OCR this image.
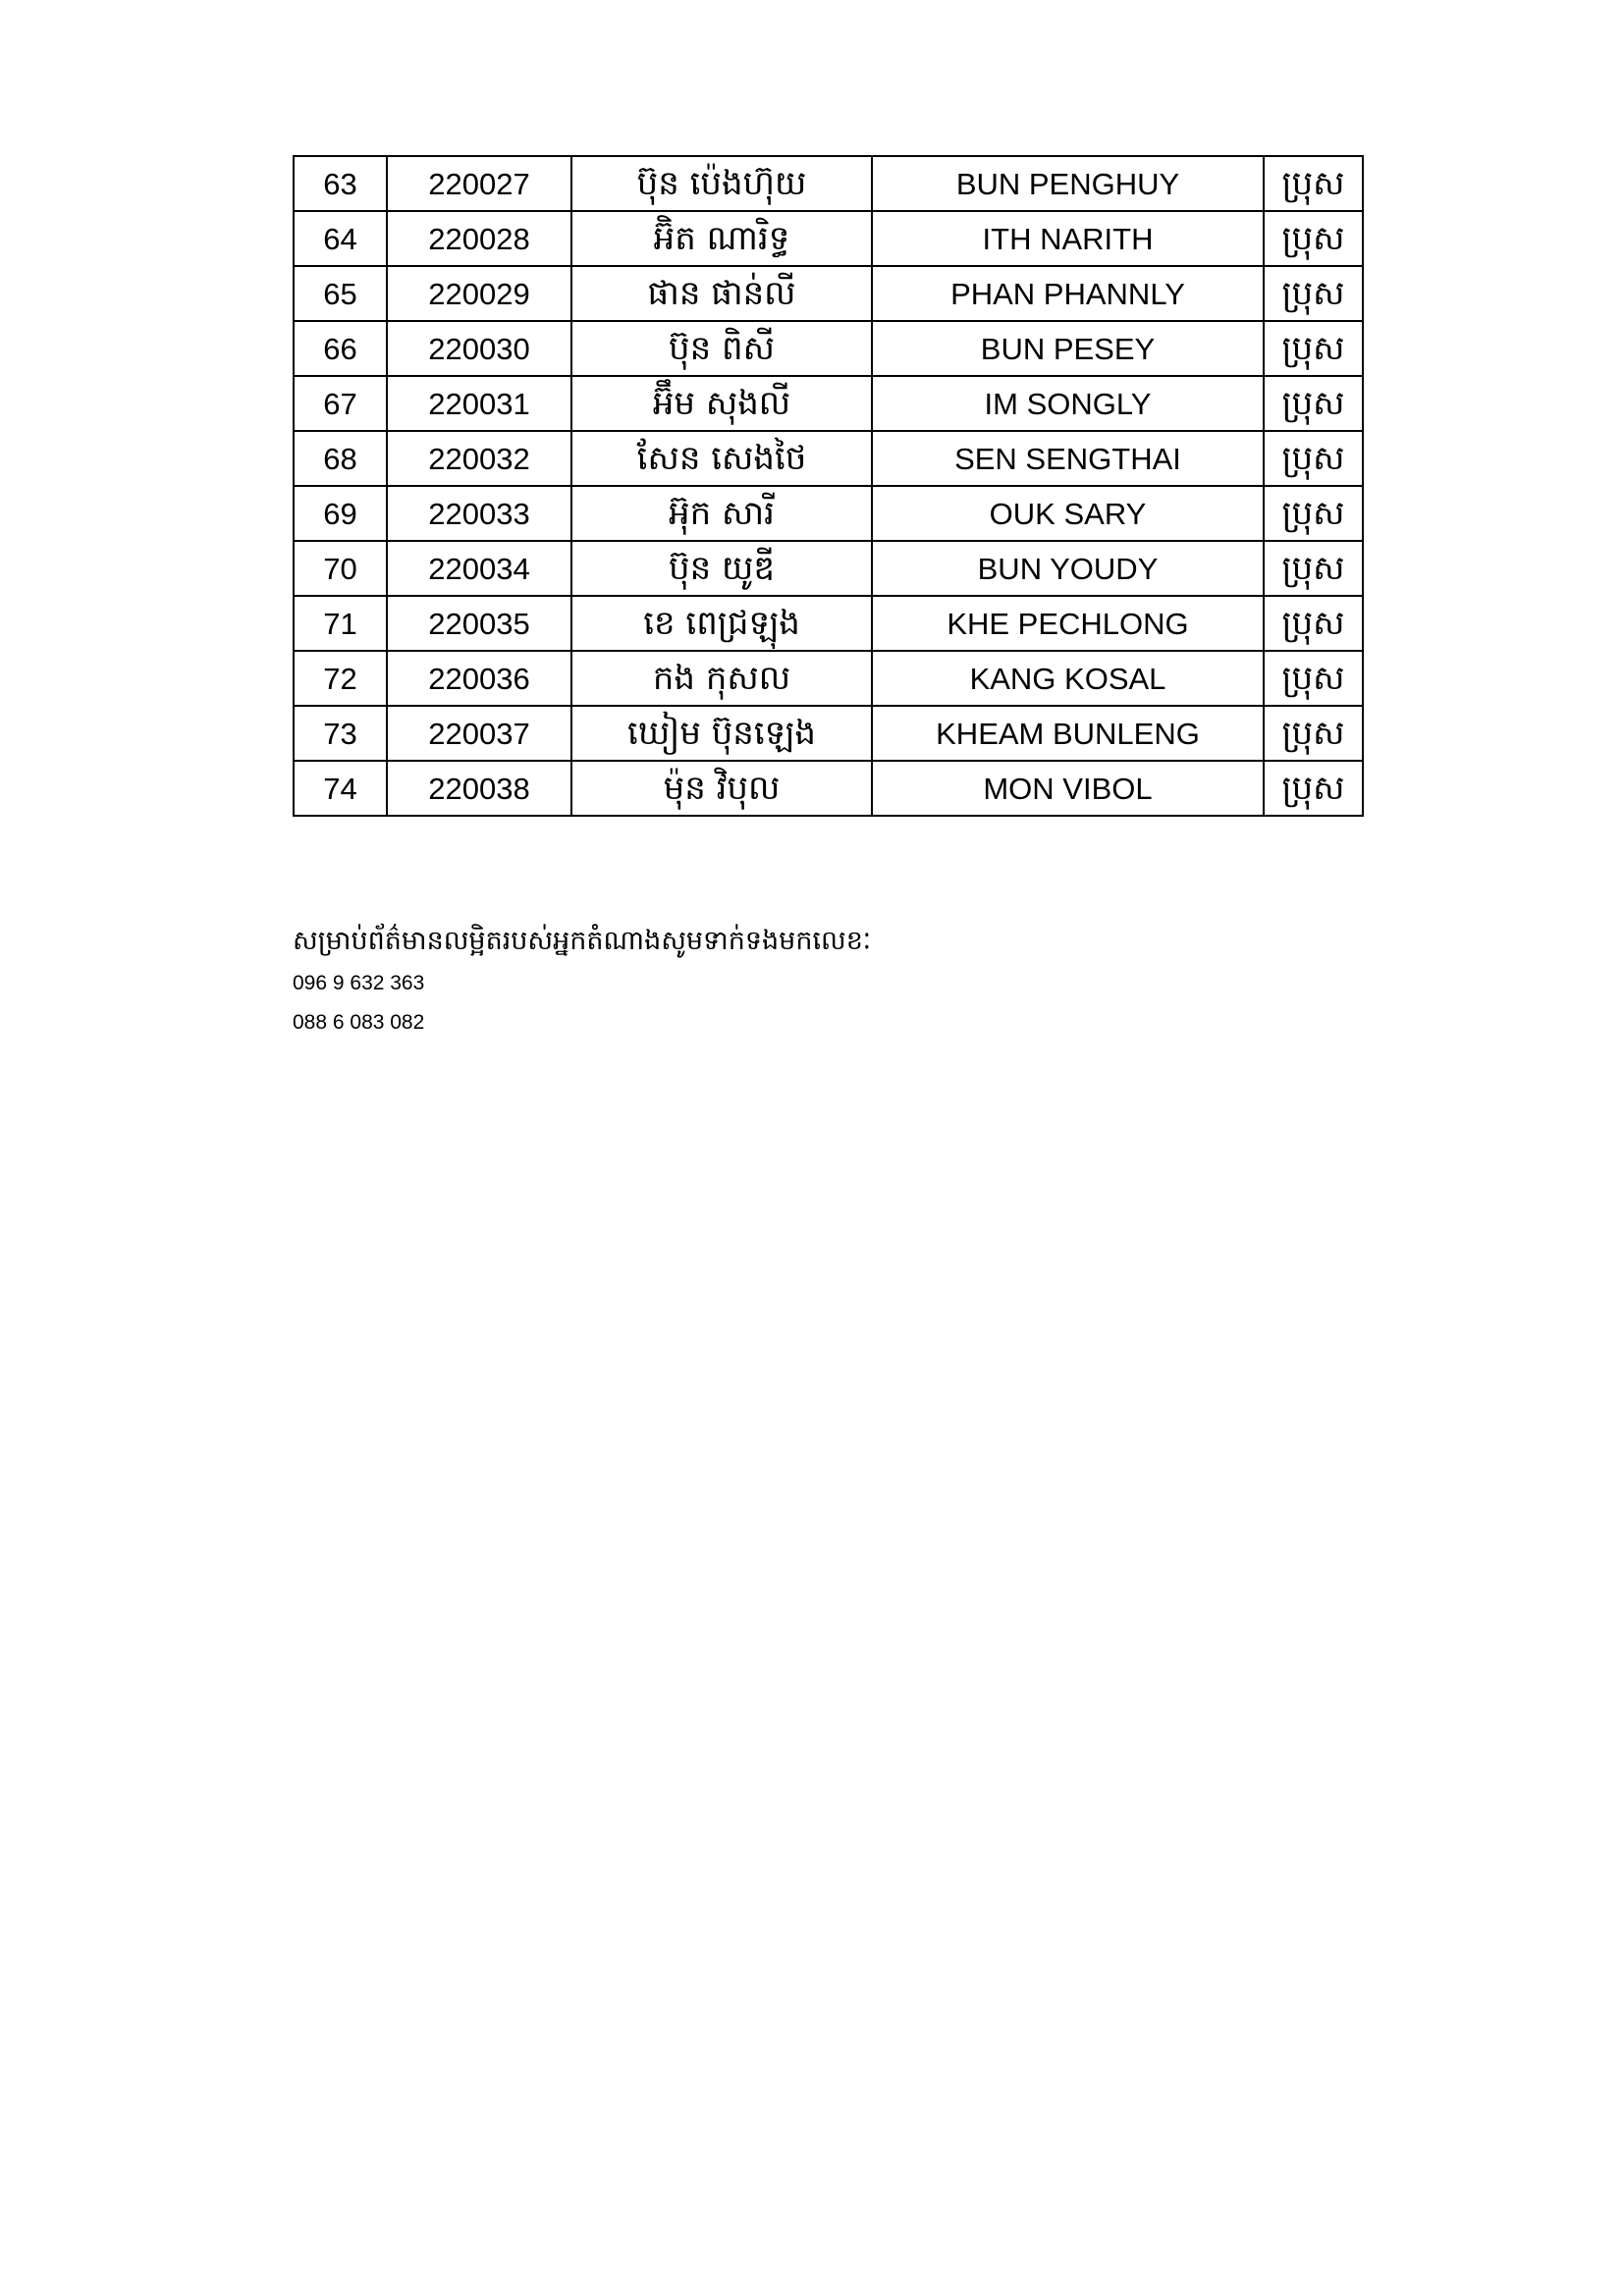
63	220027	ប៊ុន ប៉េងហ៊ុយ	BUN PENGHUY	ប្រុស
64	220028	អ៊ិត ណារិទ្ធ	ITH NARITH	ប្រុស
65	220029	ផាន ផាន់លី	PHAN PHANNLY	ប្រុស
66	220030	ប៊ុន ពិសី	BUN PESEY	ប្រុស
67	220031	អ៊ឹម សុងលី	IM SONGLY	ប្រុស
68	220032	សែន សេងថៃ	SEN SENGTHAI	ប្រុស
69	220033	អ៊ុក សារី	OUK SARY	ប្រុស
70	220034	ប៊ុន យូឌី	BUN YOUDY	ប្រុស
71	220035	ខេ ពេជ្រឡុង	KHE PECHLONG	ប្រុស
72	220036	កង កុសល	KANG KOSAL	ប្រុស
73	220037	ឃៀម ប៊ុនឡេង	KHEAM BUNLENG	ប្រុស
74	220038	ម៉ុន វិបុល	MON VIBOL	ប្រុស
សម្រាប់ព័ត៌មានលម្អិតរបស់អ្នកតំណាងសូមទាក់ទងមកលេខៈ
096 9 632 363
088 6 083 082
